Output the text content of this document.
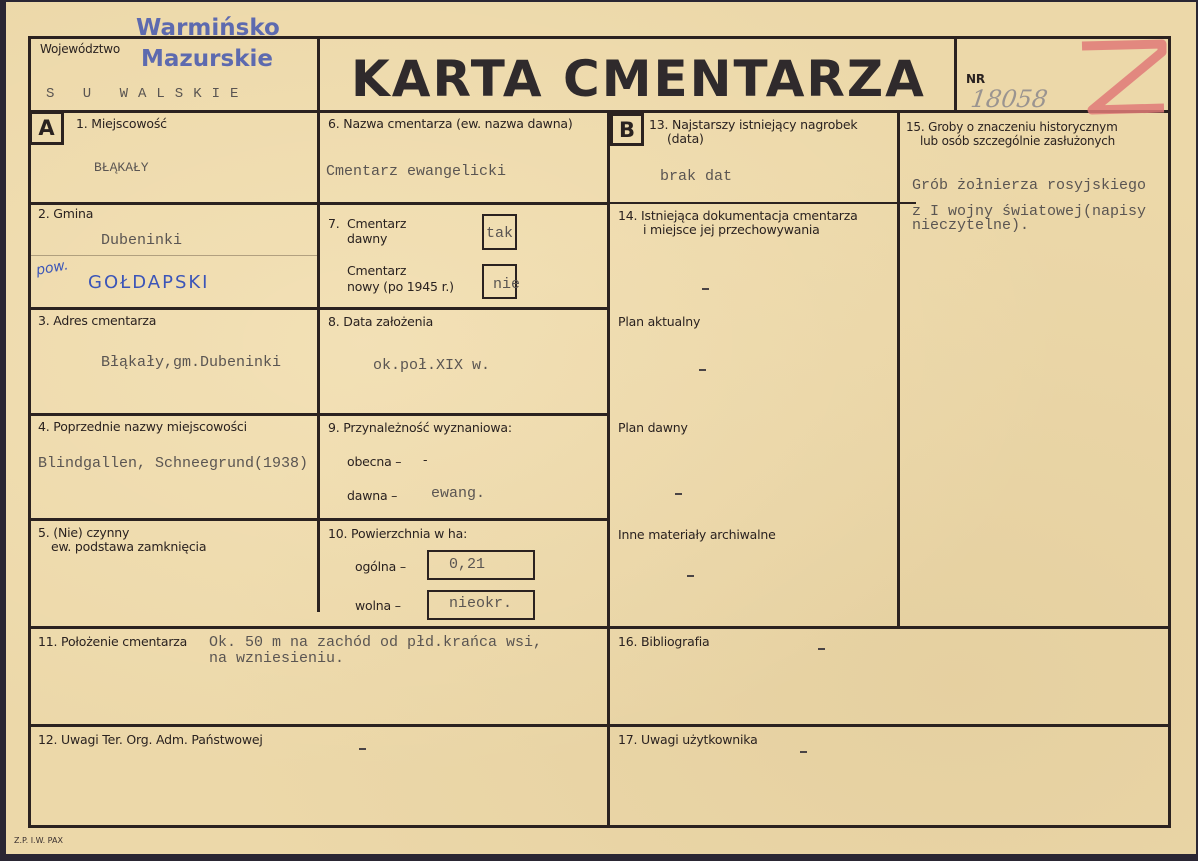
Województwo
Warmińsko
Mazurskie
S U WALSKIE KARTA CMENTARZA	NR
18058
A	1. Miejscowość
BŁĄKAŁY
2. Gmina
Dubeninki
pow.
GOŁDAPSKI
3. Adres cmentarza
Błąkały,gm.Dubeninki
4. Poprzednie nazwy miejscowości
Blindgallen, Schneegrund(1938)
5. (Nie) czynny
ew. podstawa zamknięcia
6. Nazwa cmentarza (ew. nazwa dawna)
Cmentarz ewangelicki
7. Cmentarz
dawny	tak
Cmentarz
nowy (po 1945 r.)	nie
8. Data założenia
ok.poł.XIX w.
9. Przynależność wyznaniowa:
obecna – -
dawna – ewang.
10. Powierzchnia w ha:
ogólna –	0,21
wolna –	nieokr.
B	13. Najstarszy istniejący nagrobek
(data)
brak dat
14. Istniejąca dokumentacja cmentarza
i miejsce jej przechowywania
Plan aktualny
Plan dawny
Inne materiały archiwalne
15. Groby o znaczeniu historycznym
lub osób szczególnie zasłużonych
Grób żołnierza rosyjskiego
z I wojny światowej(napisy
nieczytelne).
11. Położenie cmentarza Ok. 50 m na zachód od płd.krańca wsi,
na wzniesieniu.
16. Bibliografia
12. Uwagi Ter. Org. Adm. Państwowej	17. Uwagi użytkownika
Z.P. I.W. PAX
